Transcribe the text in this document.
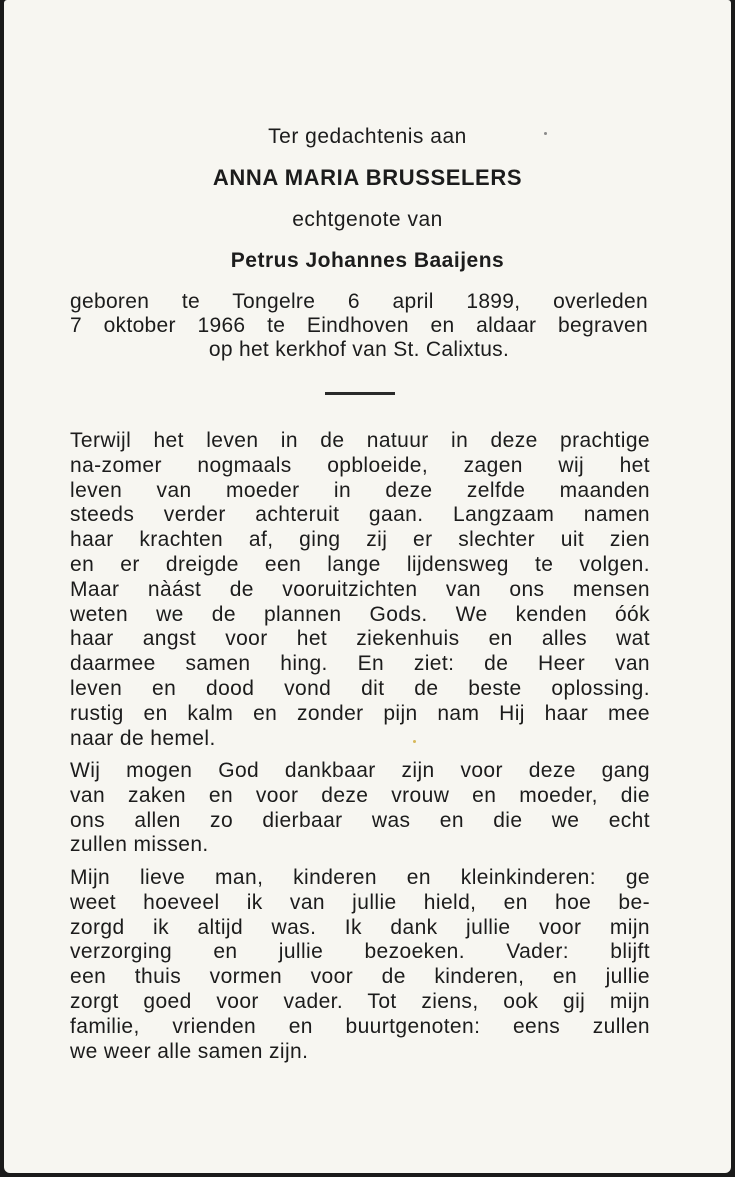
Ter gedachtenis aan
ANNA MARIA BRUSSELERS
echtgenote van
Petrus Johannes Baaijens
geboren te Tongelre 6 april 1899, overleden
7 oktober 1966 te Eindhoven en aldaar begraven
op het kerkhof van St. Calixtus.
Terwijl het leven in de natuur in deze prachtige
na-zomer nogmaals opbloeide, zagen wij het
leven van moeder in deze zelfde maanden
steeds verder achteruit gaan. Langzaam namen
haar krachten af, ging zij er slechter uit zien
en er dreigde een lange lijdensweg te volgen.
Maar nàást de vooruitzichten van ons mensen
weten we de plannen Gods. We kenden óók
haar angst voor het ziekenhuis en alles wat
daarmee samen hing. En ziet: de Heer van
leven en dood vond dit de beste oplossing.
rustig en kalm en zonder pijn nam Hij haar mee
naar de hemel.
Wij mogen God dankbaar zijn voor deze gang
van zaken en voor deze vrouw en moeder, die
ons allen zo dierbaar was en die we echt
zullen missen.
Mijn lieve man, kinderen en kleinkinderen: ge
weet hoeveel ik van jullie hield, en hoe be-
zorgd ik altijd was. Ik dank jullie voor mijn
verzorging en jullie bezoeken. Vader: blijft
een thuis vormen voor de kinderen, en jullie
zorgt goed voor vader. Tot ziens, ook gij mijn
familie, vrienden en buurtgenoten: eens zullen
we weer alle samen zijn.
